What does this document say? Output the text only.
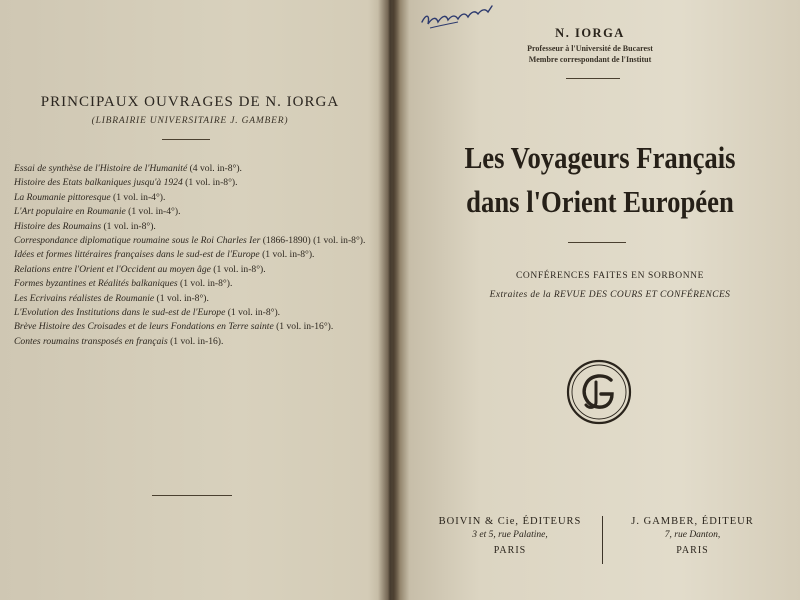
PRINCIPAUX OUVRAGES DE N. IORGA
(LIBRAIRIE UNIVERSITAIRE J. GAMBER)
Essai de synthèse de l'Histoire de l'Humanité (4 vol. in-8°).
Histoire des Etats balkaniques jusqu'à 1924 (1 vol. in-8°).
La Roumanie pittoresque (1 vol. in-4°).
L'Art populaire en Roumanie (1 vol. in-4°).
Histoire des Roumains (1 vol. in-8°).
Correspondance diplomatique roumaine sous le Roi Charles Ier (1866-1890) (1 vol. in-8°).
Idées et formes littéraires françaises dans le sud-est de l'Europe (1 vol. in-8°).
Relations entre l'Orient et l'Occident au moyen âge (1 vol. in-8°).
Formes byzantines et Réalités balkaniques (1 vol. in-8°).
Les Ecrivains réalistes de Roumanie (1 vol. in-8°).
L'Evolution des Institutions dans le sud-est de l'Europe (1 vol. in-8°).
Brève Histoire des Croisades et de leurs Fondations en Terre sainte (1 vol. in-16°).
Contes roumains transposés en français (1 vol. in-16).
N. IORGA
Professeur à l'Université de Bucarest
Membre correspondant de l'Institut
Les Voyageurs Français
dans l'Orient Européen
CONFÉRENCES FAITES EN SORBONNE
Extraites de la REVUE DES COURS ET CONFÉRENCES
BOIVIN & Cie, ÉDITEURS
3 et 5, rue Palatine,
PARIS
J. GAMBER, ÉDITEUR
7, rue Danton,
PARIS
